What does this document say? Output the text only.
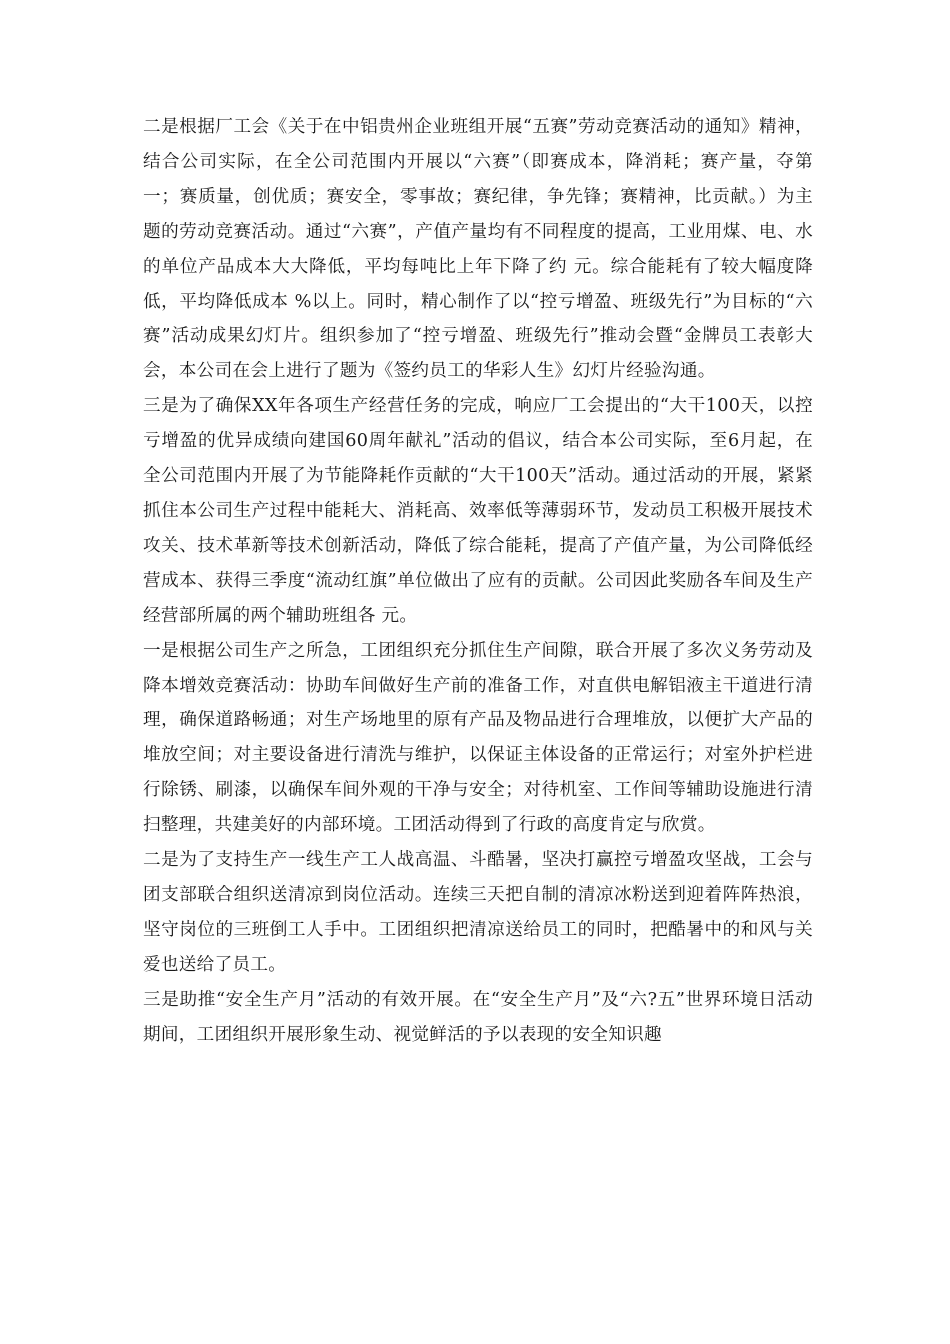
二是根据厂工会《关于在中铝贵州企业班组开展“五赛”劳动竞赛活动的通知》精神，结合公司实际，在全公司范围内开展以“六赛”（即赛成本，降消耗；赛产量，夺第一；赛质量，创优质；赛安全，零事故；赛纪律，争先锋；赛精神，比贡献。）为主题的劳动竞赛活动。通过“六赛”，产值产量均有不同程度的提高，工业用煤、电、水的单位产品成本大大降低，平均每吨比上年下降了约 元。综合能耗有了较大幅度降低，平均降低成本 %以上。同时，精心制作了以“控亏增盈、班级先行”为目标的“六赛”活动成果幻灯片。组织参加了“控亏增盈、班级先行”推动会暨“金牌员工表彰大会，本公司在会上进行了题为《签约员工的华彩人生》幻灯片经验沟通。

三是为了确保XX年各项生产经营任务的完成，响应厂工会提出的“大干100天，以控亏增盈的优异成绩向建国60周年献礼”活动的倡议，结合本公司实际，至6月起，在全公司范围内开展了为节能降耗作贡献的“大干100天”活动。通过活动的开展，紧紧抓住本公司生产过程中能耗大、消耗高、效率低等薄弱环节，发动员工积极开展技术攻关、技术革新等技术创新活动，降低了综合能耗，提高了产值产量，为公司降低经营成本、获得三季度“流动红旗”单位做出了应有的贡献。公司因此奖励各车间及生产经营部所属的两个辅助班组各 元。

一是根据公司生产之所急，工团组织充分抓住生产间隙，联合开展了多次义务劳动及降本增效竞赛活动：协助车间做好生产前的准备工作，对直供电解铝液主干道进行清理，确保道路畅通；对生产场地里的原有产品及物品进行合理堆放，以便扩大产品的堆放空间；对主要设备进行清洗与维护，以保证主体设备的正常运行；对室外护栏进行除锈、刷漆，以确保车间外观的干净与安全；对待机室、工作间等辅助设施进行清扫整理，共建美好的内部环境。工团活动得到了行政的高度肯定与欣赏。

二是为了支持生产一线生产工人战高温、斗酷暑，坚决打赢控亏增盈攻坚战，工会与团支部联合组织送清凉到岗位活动。连续三天把自制的清凉冰粉送到迎着阵阵热浪，坚守岗位的三班倒工人手中。工团组织把清凉送给员工的同时，把酷暑中的和风与关爱也送给了员工。

三是助推“安全生产月”活动的有效开展。在“安全生产月”及“六?五”世界环境日活动期间，工团组织开展形象生动、视觉鲜活的予以表现的安全知识趣
